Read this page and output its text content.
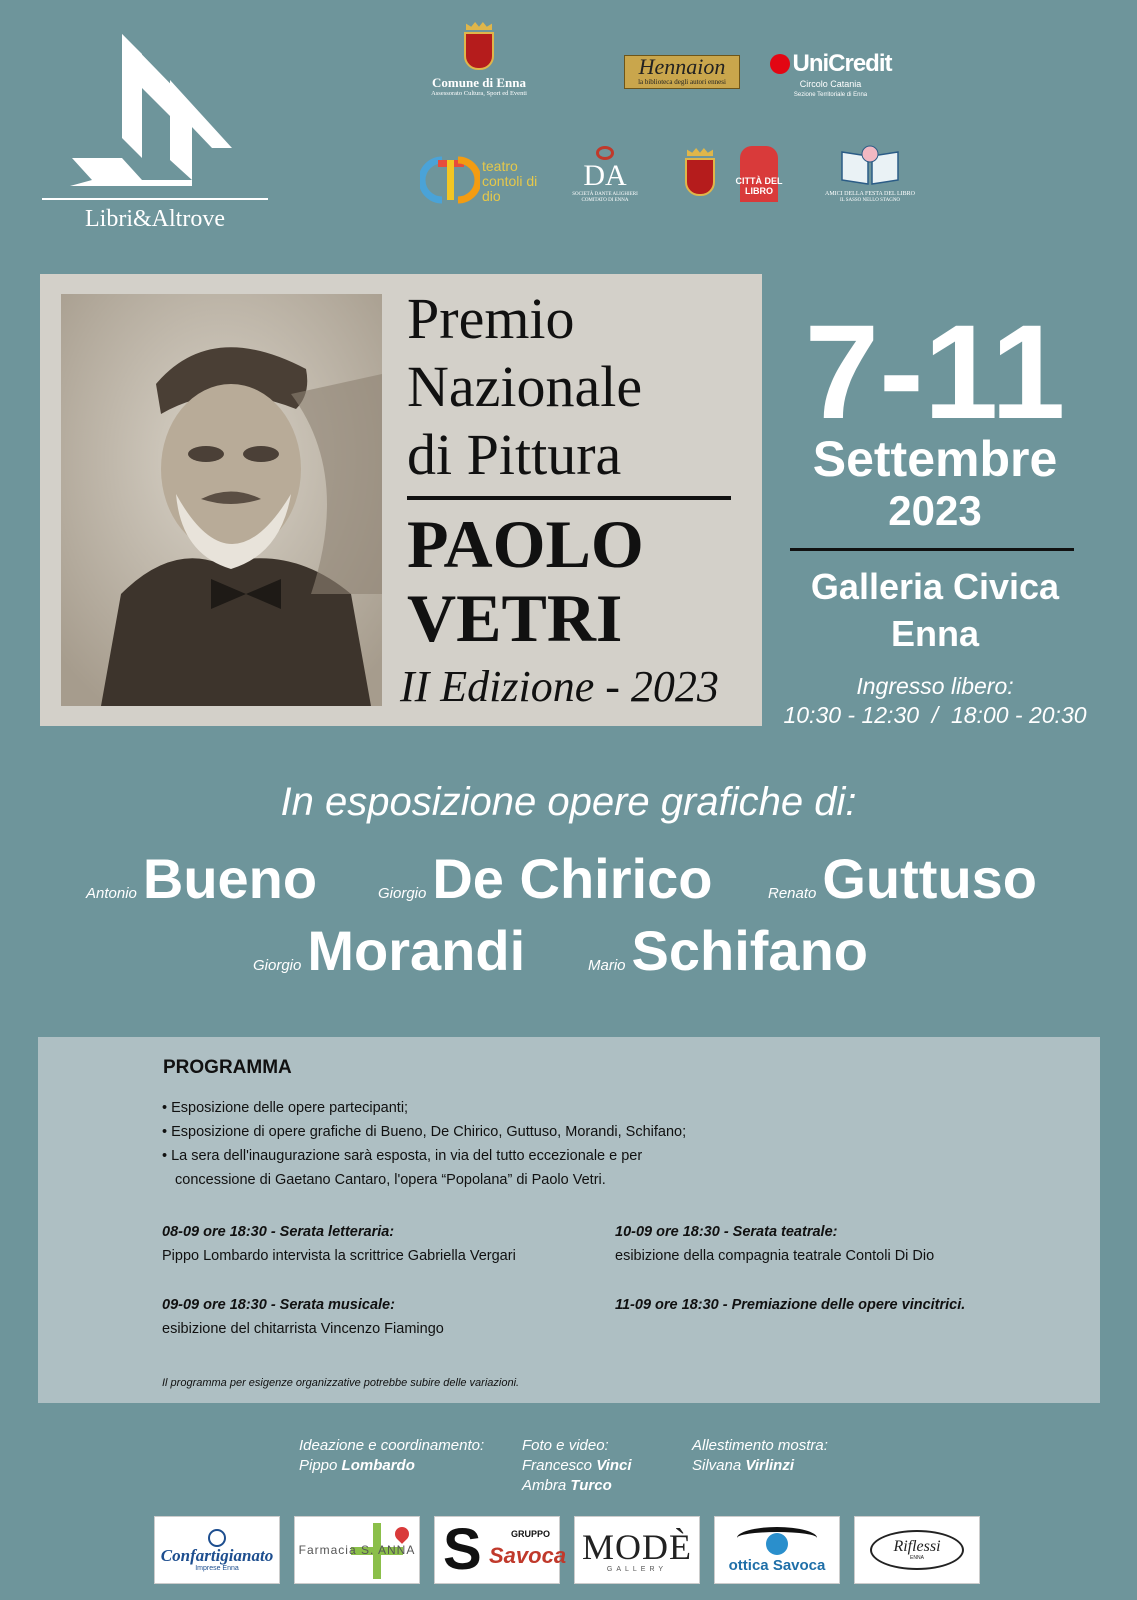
Libri&Altrove
Comune di Enna
Assessorato Cultura, Sport ed Eventi
Hennaion
la biblioteca degli autori ennesi
UniCredit
Circolo Catania
Sezione Territoriale di Enna
teatro contoli di dio
DA
SOCIETÀ DANTE ALIGHIERI COMITATO DI ENNA
CITTÀ DEL LIBRO	AMICI DELLA FESTA DEL LIBRO
IL SASSO NELLO STAGNO
Premio
Nazionale
di Pittura
PAOLO
VETRI
II Edizione - 2023
7-11
Settembre
2023
Galleria Civica
Enna
Ingresso libero:
10:30 - 12:30  /  18:00 - 20:30
In esposizione opere grafiche di:
Antonio Bueno	Giorgio De Chirico	Renato Guttuso
Giorgio Morandi	Mario Schifano
PROGRAMMA
• Esposizione delle opere partecipanti;
• Esposizione di opere grafiche di Bueno, De Chirico, Guttuso, Morandi, Schifano;
• La sera dell'inaugurazione sarà esposta, in via del tutto eccezionale e per
concessione di Gaetano Cantaro, l'opera “Popolana” di Paolo Vetri.
08-09 ore 18:30 - Serata letteraria:
Pippo Lombardo intervista la scrittrice Gabriella Vergari
10-09 ore 18:30 - Serata teatrale:
esibizione della compagnia teatrale Contoli Di Dio
09-09 ore 18:30 - Serata musicale:
esibizione del chitarrista Vincenzo Fiamingo
11-09 ore 18:30 - Premiazione delle opere vincitrici.
Il programma per esigenze organizzative potrebbe subire delle variazioni.
Ideazione e coordinamento:
Pippo Lombardo
Foto e video:
Francesco Vinci
Ambra Turco
Allestimento mostra:
Silvana Virlinzi
Confartigianato
Imprese Enna
Farmacia S. ANNA S	GRUPPO
Savoca MODÈ
GALLERY	ottica Savoca
Riflessi
ENNA
